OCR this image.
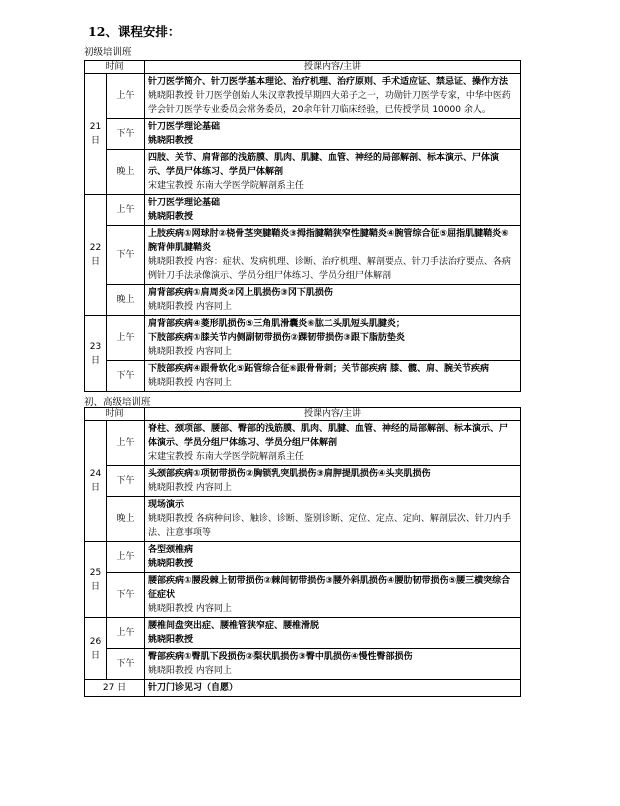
12、课程安排：
初级培训班
时间		授课内容/主讲
21
日	上午	针刀医学简介、针刀医学基本理论、治疗机理、治疗原则、手术适应证、禁忌证、操作方法
姚晓阳教授 针刀医学创始人朱汉章教授早期四大弟子之一，功勋针刀医学专家，中华中医药学会针刀医学专业委员会常务委员，20余年针刀临床经验，已传授学员 10000 余人。

	下午	针刀医学理论基础
姚晓阳教授

	晚上	四肢、关节、肩背部的浅筋膜、肌肉、肌腱、血管、神经的局部解剖、标本演示、尸体演示、学员尸体练习、学员尸体解剖
宋建宝教授 东南大学医学院解剖系主任

22
日	上午	针刀医学理论基础
姚晓阳教授

	下午	上肢疾病①网球肘②桡骨茎突腱鞘炎③拇指腱鞘狭窄性腱鞘炎④腕管综合征⑤屈指肌腱鞘炎⑥腕背伸肌腱鞘炎
姚晓阳教授 内容：症状、发病机理、诊断、治疗机理、解剖要点、针刀手法治疗要点、各病例针刀手法录像演示、学员分组尸体练习、学员分组尸体解剖

	晚上	肩背部疾病①肩周炎②冈上肌损伤③冈下肌损伤
姚晓阳教授 内容同上

23
日	上午	肩背部疾病④菱形肌损伤⑤三角肌滑囊炎⑥肱二头肌短头肌腱炎；
下肢部疾病①膝关节内侧副韧带损伤②踝韧带损伤③跟下脂肪垫炎
姚晓阳教授 内容同上

	下午	下肢部疾病④跟骨软化⑤跖管综合征⑥跟骨骨刺；关节部疾病 膝、髋、肩、腕关节疾病
姚晓阳教授 内容同上
初、高级培训班
时间		授课内容/主讲
24
日	上午	脊柱、颈项部、腰部、臀部的浅筋膜、肌肉、肌腱、血管、神经的局部解剖、标本演示、尸体演示、学员分组尸体练习、学员分组尸体解剖
宋建宝教授 东南大学医学院解剖系主任

	下午	头颈部疾病①项韧带损伤②胸锁乳突肌损伤③肩胛提肌损伤④头夹肌损伤
姚晓阳教授 内容同上

	晚上	现场演示
姚晓阳教授 各病种问诊、触诊、诊断、鉴别诊断、定位、定点、定向、解剖层次、针刀内手法、注意事项等

25
日	上午	各型颈椎病
姚晓阳教授

	下午	腰部疾病①腰段棘上韧带损伤②棘间韧带损伤③腰外斜肌损伤④腰肋韧带损伤⑤腰三横突综合征症状
姚晓阳教授 内容同上

26
日	上午	腰椎间盘突出症、腰椎管狭窄症、腰椎滑脱
姚晓阳教授

	下午	臀部疾病①臀肌下段损伤②梨状肌损伤③臀中肌损伤④慢性臀部损伤
姚晓阳教授 内容同上

27 日		针刀门诊见习（自愿）
